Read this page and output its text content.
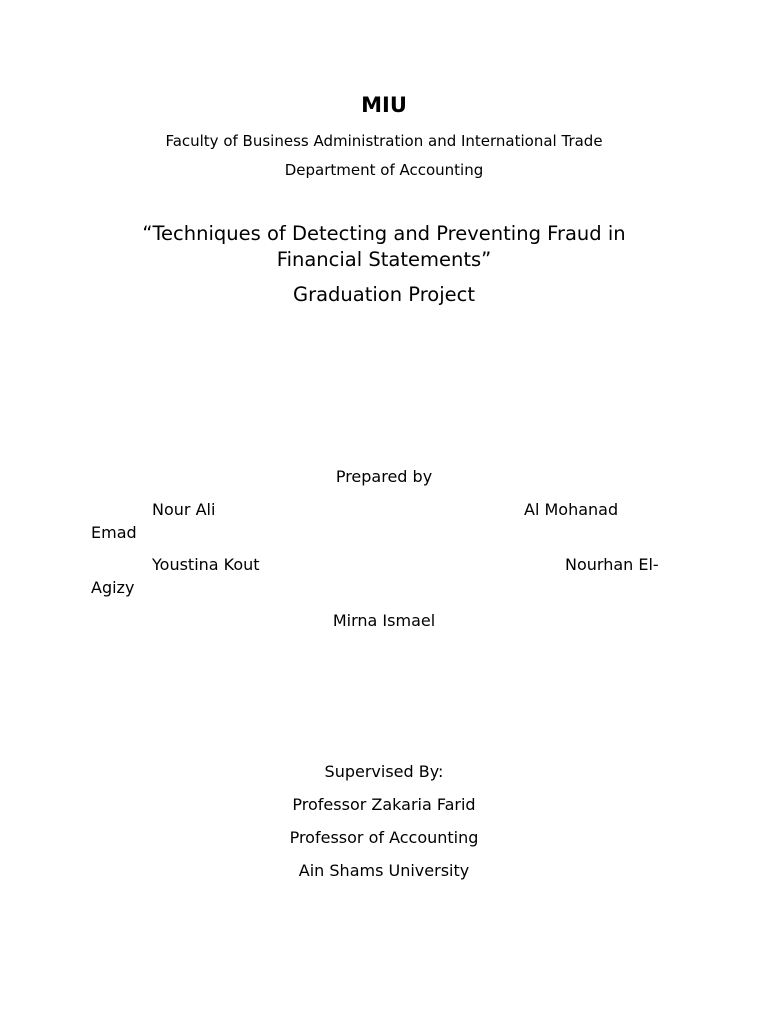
MIU
Faculty of Business Administration and International Trade
Department of Accounting
“Techniques of Detecting and Preventing Fraud in
Financial Statements”
Graduation Project
Prepared by
Nour Ali	Al Mohanad
Emad
Youstina Kout	Nourhan El-
Agizy
Mirna Ismael
Supervised By:
Professor Zakaria Farid
Professor of Accounting
Ain Shams University
